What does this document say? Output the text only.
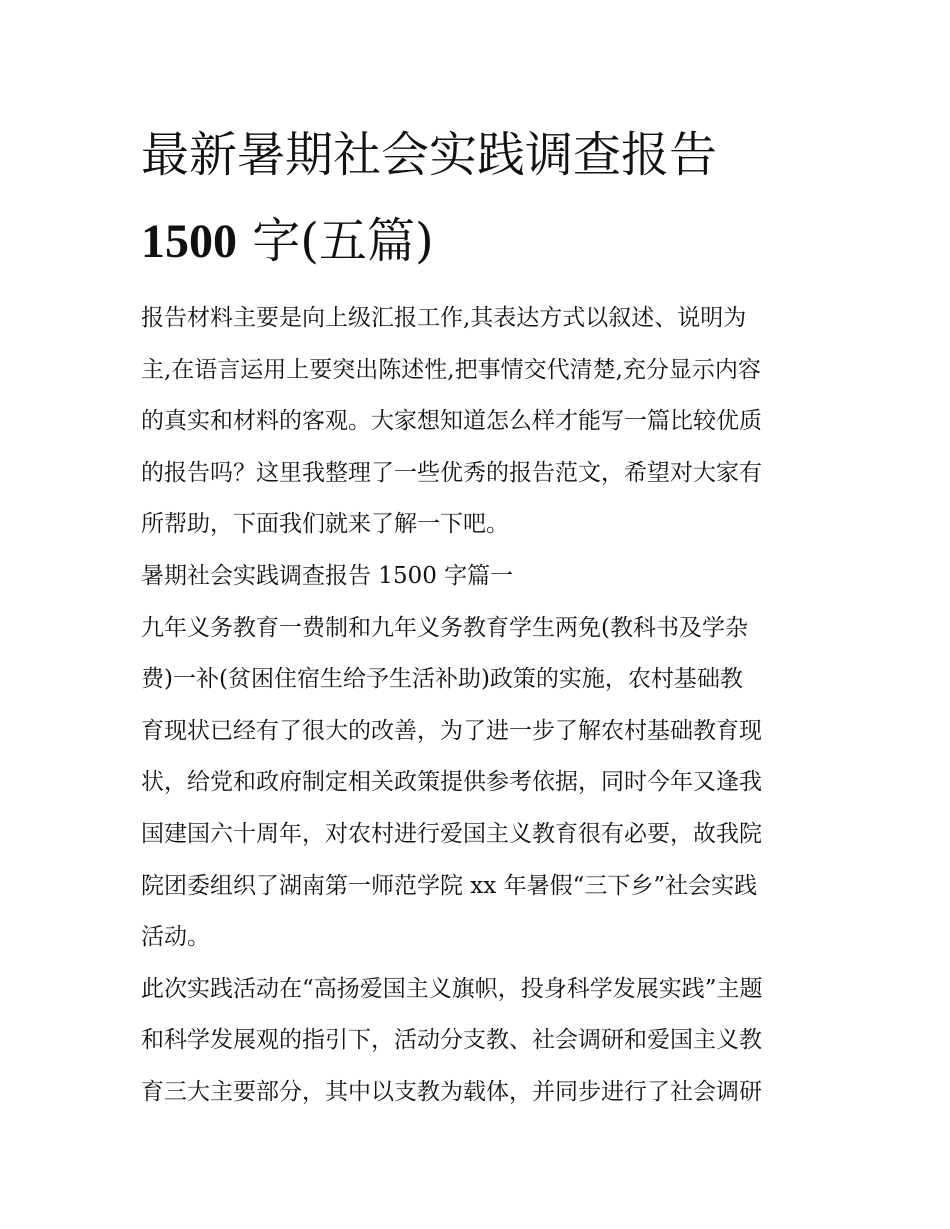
最新暑期社会实践调查报告
1500 字(五篇)
报告材料主要是向上级汇报工作,其表达方式以叙述、说明为
主,在语言运用上要突出陈述性,把事情交代清楚,充分显示内容
的真实和材料的客观。大家想知道怎么样才能写一篇比较优质
的报告吗？这里我整理了一些优秀的报告范文，希望对大家有
所帮助，下面我们就来了解一下吧。
暑期社会实践调查报告 1500 字篇一
九年义务教育一费制和九年义务教育学生两免(教科书及学杂
费)一补(贫困住宿生给予生活补助)政策的实施，农村基础教
育现状已经有了很大的改善，为了进一步了解农村基础教育现
状，给党和政府制定相关政策提供参考依据，同时今年又逢我
国建国六十周年，对农村进行爱国主义教育很有必要，故我院
院团委组织了湖南第一师范学院 xx 年暑假“三下乡”社会实践
活动。
此次实践活动在“高扬爱国主义旗帜，投身科学发展实践”主题
和科学发展观的指引下，活动分支教、社会调研和爱国主义教
育三大主要部分，其中以支教为载体，并同步进行了社会调研
